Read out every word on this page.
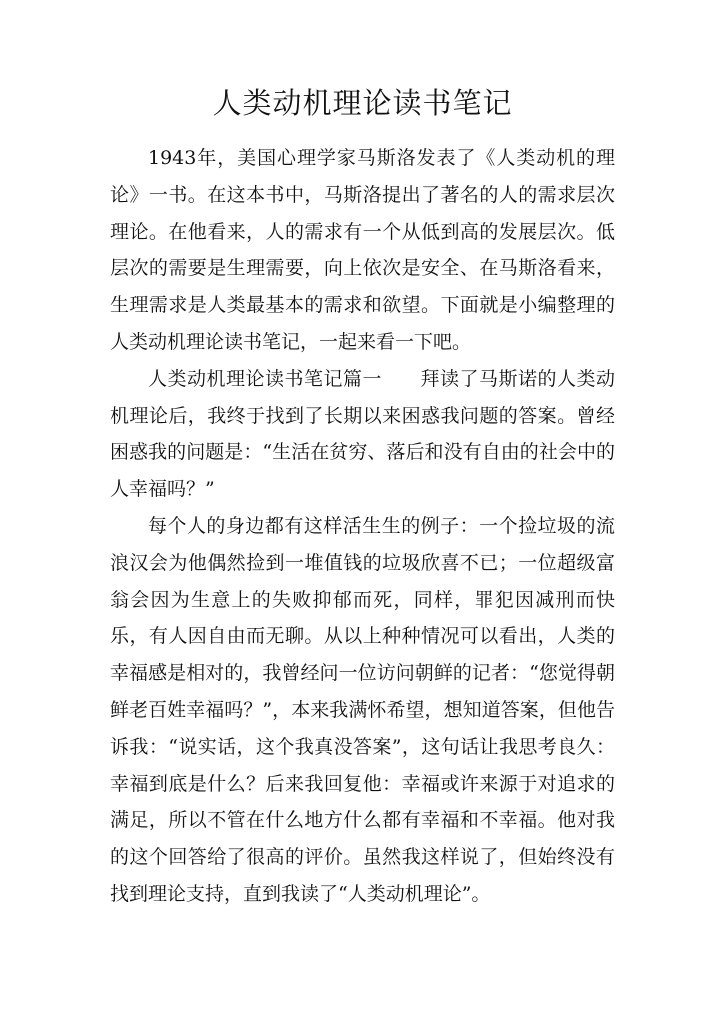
人类动机理论读书笔记

1943年，美国心理学家马斯洛发表了《人类动机的理论》一书。在这本书中，马斯洛提出了著名的人的需求层次理论。在他看来，人的需求有一个从低到高的发展层次。低层次的需要是生理需要，向上依次是安全、在马斯洛看来，生理需求是人类最基本的需求和欲望。下面就是小编整理的人类动机理论读书笔记，一起来看一下吧。

人类动机理论读书笔记篇一 拜读了马斯诺的人类动机理论后，我终于找到了长期以来困惑我问题的答案。曾经困惑我的问题是：“生活在贫穷、落后和没有自由的社会中的人幸福吗？”

每个人的身边都有这样活生生的例子：一个捡垃圾的流浪汉会为他偶然捡到一堆值钱的垃圾欣喜不已；一位超级富翁会因为生意上的失败抑郁而死，同样，罪犯因减刑而快乐，有人因自由而无聊。从以上种种情况可以看出，人类的幸福感是相对的，我曾经问一位访问朝鲜的记者：“您觉得朝鲜老百姓幸福吗？”，本来我满怀希望，想知道答案，但他告诉我：“说实话，这个我真没答案”，这句话让我思考良久：幸福到底是什么？后来我回复他：幸福或许来源于对追求的满足，所以不管在什么地方什么都有幸福和不幸福。他对我的这个回答给了很高的评价。虽然我这样说了，但始终没有找到理论支持，直到我读了“人类动机理论”。
